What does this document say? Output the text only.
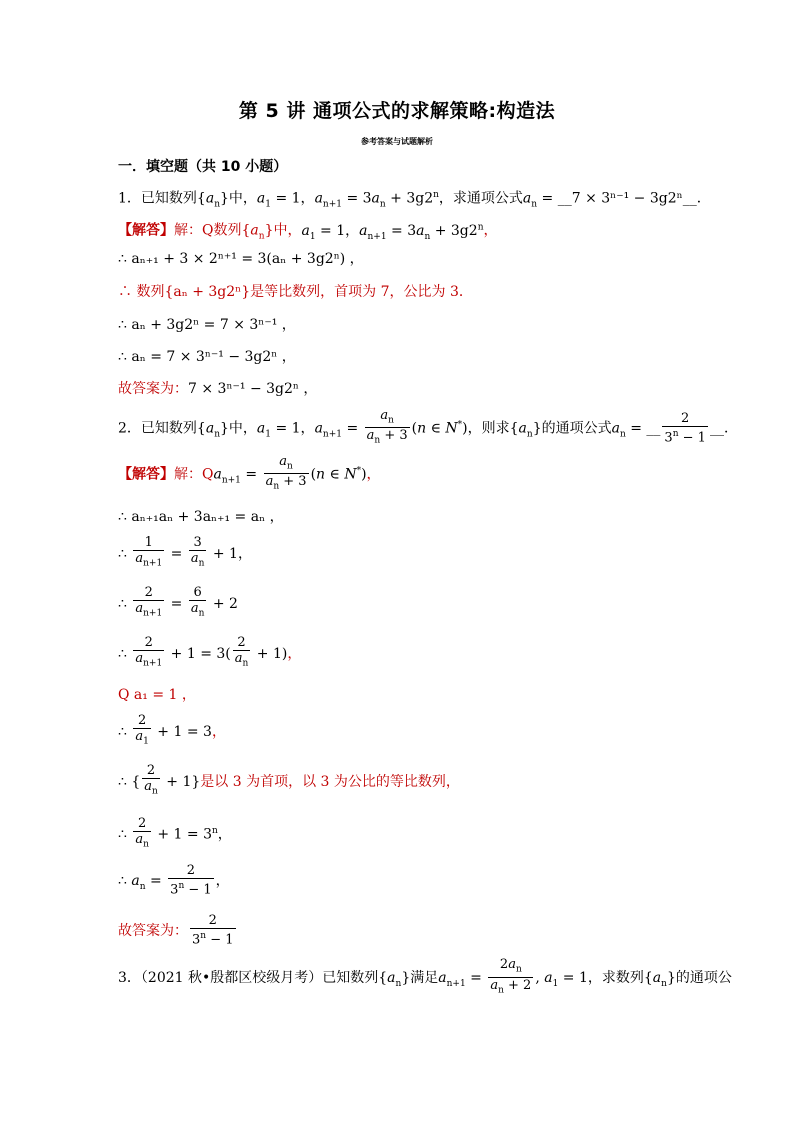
第 5 讲 通项公式的求解策略:构造法
参考答案与试题解析
一．填空题（共 10 小题）
1．已知数列$\{a_n\}$中，$a_1 = 1$，$a_{n+1} = 3a_n + 3g2^n$，求通项公式$a_n$ = __7 × 3ⁿ⁻¹ − 3g2ⁿ__．
【解答】解：Q数列$\{a_n\}$中，$a_1 = 1$，$a_{n+1} = 3a_n + 3g2^n$，
∴ aₙ₊₁ + 3 × 2ⁿ⁺¹ = 3(aₙ + 3g2ⁿ) ，
∴ 数列{aₙ + 3g2ⁿ}是等比数列，首项为 7，公比为 3．
∴ aₙ + 3g2ⁿ = 7 × 3ⁿ⁻¹ ，
∴ aₙ = 7 × 3ⁿ⁻¹ − 3g2ⁿ ，
故答案为：7 × 3ⁿ⁻¹ − 3g2ⁿ ，
2．已知数列$\{a_n\}$中，$a_1 = 1$，$a_{n+1} = \frac{a_n}{a_n + 3} (n$ ∈ N*)，则求$\{a_n\}$的通项公式$a_n$ = __ $\frac{2}{3^n - 1}$ __．
【解答】解：$Qa_{n+1} = \frac{a_n}{a_n + 3} (n$ ∈ N*)，
∴ aₙ₊₁aₙ + 3aₙ₊₁ = aₙ ，
∴ $\frac{1}{a_{n+1}} = \frac{3}{a_n} + 1$，
∴ $\frac{2}{a_{n+1}} = \frac{6}{a_n} + 2$
∴ $\frac{2}{a_{n+1}} + 1 = 3( \frac{2}{a_n} + 1)$，
Q a₁ = 1 ，
∴ $\frac{2}{a_1} + 1 = 3$，
∴ { $\frac{2}{a_n} + 1$}是以 3 为首项，以 3 为公比的等比数列，
∴ $\frac{2}{a_n} + 1 = 3^n$，
∴ $a_n = \frac{2}{3^n - 1}$ ，
故答案为： $\frac{2}{3^n - 1}$
3．（2021 秋•殷都区校级月考）已知数列$\{a_n\}$满足$a_{n+1} = \frac{2a_n}{a_n + 2}$ , $a_1 = 1$，求数列$\{a_n\}$的通项公
